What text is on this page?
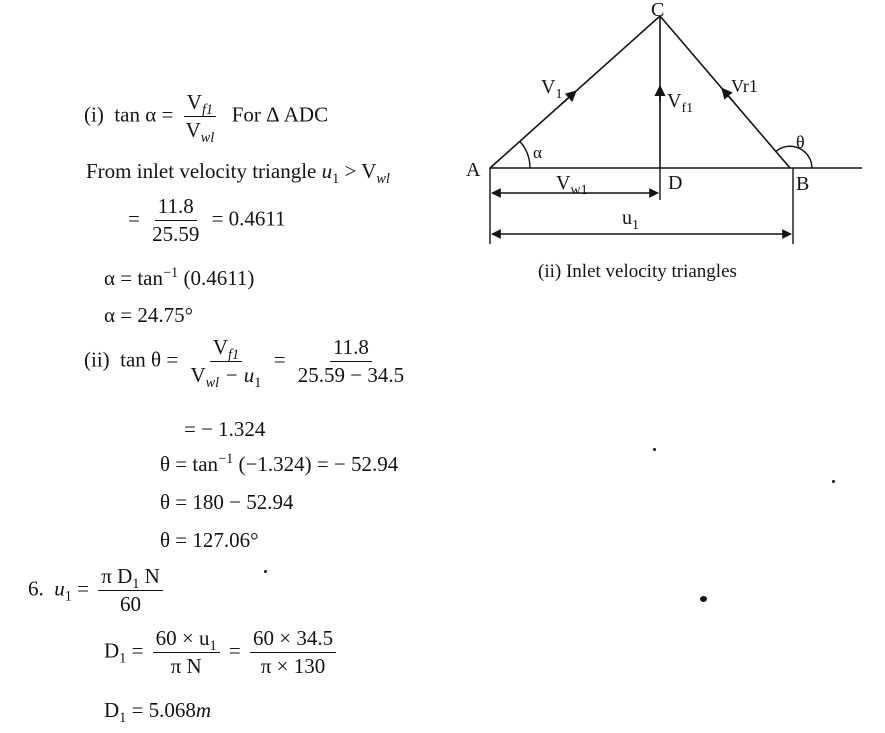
C
A
D	B
α
θ
$V_1$	$V_{f1}$
Vr1
$V_{w1}$
$u_1$
(ii) Inlet velocity triangles
(i) $\tan \alpha = \frac{V_{f1}}{V_{wl}}$ For Δ ADC
From inlet velocity triangle $u_1 > V_{wl}$
= $\frac{11.8}{25.59} = 0.4611$
$\alpha = \tan^{-1} (0.4611)$
α = 24.75°
(ii) $\tan \theta = \frac{V_{f1}}{V_{wl} - u_1} = \frac{11.8}{25.59 - 34.5}$
= − 1.324
$\theta = \tan^{-1} (-1.324)$ = − 52.94
θ = 180 − 52.94
θ = 127.06°
6. $u_1 = \frac{\pi D_1 N}{60}$
$D_1 = \frac{60 \times u_1}{\text{π N}} = \frac{60 \times 34.5}{\pi \times 130}$
$D_1 = 5.068m$
